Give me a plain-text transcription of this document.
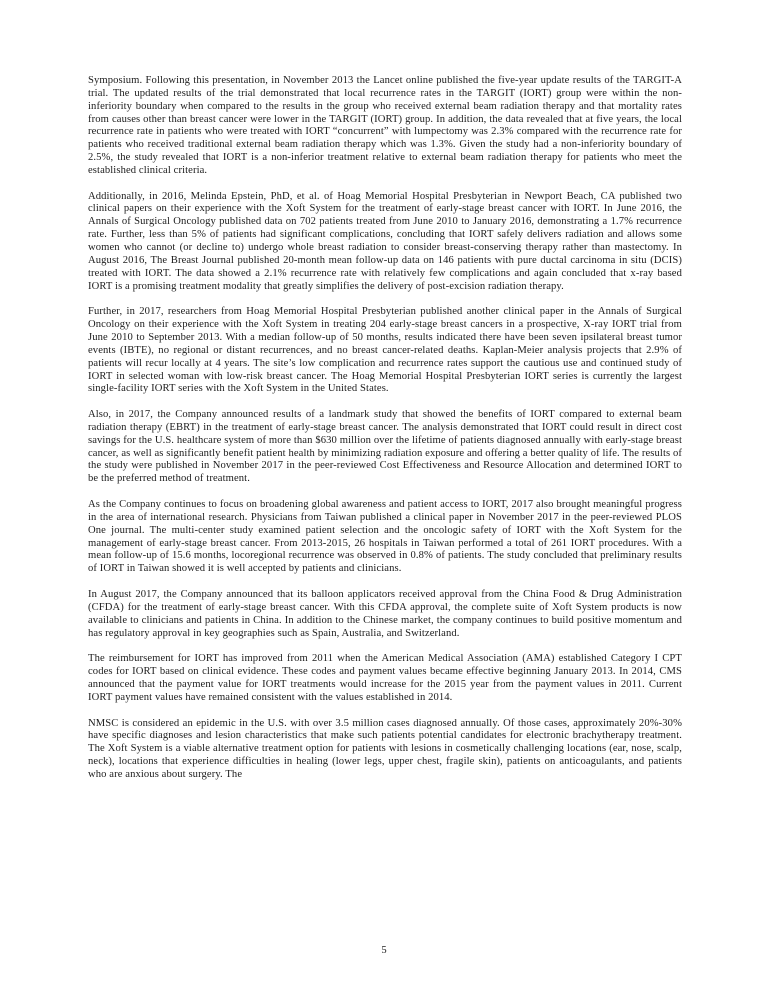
Symposium. Following this presentation, in November 2013 the Lancet online published the five-year update results of the TARGIT-A trial. The updated results of the trial demonstrated that local recurrence rates in the TARGIT (IORT) group were within the non-inferiority boundary when compared to the results in the group who received external beam radiation therapy and that mortality rates from causes other than breast cancer were lower in the TARGIT (IORT) group. In addition, the data revealed that at five years, the local recurrence rate in patients who were treated with IORT “concurrent” with lumpectomy was 2.3% compared with the recurrence rate for patients who received traditional external beam radiation therapy which was 1.3%. Given the study had a non-inferiority boundary of 2.5%, the study revealed that IORT is a non-inferior treatment relative to external beam radiation therapy for patients who meet the established clinical criteria.

Additionally, in 2016, Melinda Epstein, PhD, et al. of Hoag Memorial Hospital Presbyterian in Newport Beach, CA published two clinical papers on their experience with the Xoft System for the treatment of early-stage breast cancer with IORT. In June 2016, the Annals of Surgical Oncology published data on 702 patients treated from June 2010 to January 2016, demonstrating a 1.7% recurrence rate. Further, less than 5% of patients had significant complications, concluding that IORT safely delivers radiation and allows some women who cannot (or decline to) undergo whole breast radiation to consider breast-conserving therapy rather than mastectomy. In August 2016, The Breast Journal published 20-month mean follow-up data on 146 patients with pure ductal carcinoma in situ (DCIS) treated with IORT. The data showed a 2.1% recurrence rate with relatively few complications and again concluded that x-ray based IORT is a promising treatment modality that greatly simplifies the delivery of post-excision radiation therapy.

Further, in 2017, researchers from Hoag Memorial Hospital Presbyterian published another clinical paper in the Annals of Surgical Oncology on their experience with the Xoft System in treating 204 early-stage breast cancers in a prospective, X-ray IORT trial from June 2010 to September 2013. With a median follow-up of 50 months, results indicated there have been seven ipsilateral breast tumor events (IBTE), no regional or distant recurrences, and no breast cancer-related deaths. Kaplan-Meier analysis projects that 2.9% of patients will recur locally at 4 years. The site’s low complication and recurrence rates support the cautious use and continued study of IORT in selected woman with low-risk breast cancer. The Hoag Memorial Hospital Presbyterian IORT series is currently the largest single-facility IORT series with the Xoft System in the United States.

Also, in 2017, the Company announced results of a landmark study that showed the benefits of IORT compared to external beam radiation therapy (EBRT) in the treatment of early-stage breast cancer. The analysis demonstrated that IORT could result in direct cost savings for the U.S. healthcare system of more than $630 million over the lifetime of patients diagnosed annually with early-stage breast cancer, as well as significantly benefit patient health by minimizing radiation exposure and offering a better quality of life. The results of the study were published in November 2017 in the peer-reviewed Cost Effectiveness and Resource Allocation and determined IORT to be the preferred method of treatment.

As the Company continues to focus on broadening global awareness and patient access to IORT, 2017 also brought meaningful progress in the area of international research. Physicians from Taiwan published a clinical paper in November 2017 in the peer-reviewed PLOS One journal. The multi-center study examined patient selection and the oncologic safety of IORT with the Xoft System for the management of early-stage breast cancer. From 2013-2015, 26 hospitals in Taiwan performed a total of 261 IORT procedures. With a mean follow-up of 15.6 months, locoregional recurrence was observed in 0.8% of patients. The study concluded that preliminary results of IORT in Taiwan showed it is well accepted by patients and clinicians.

In August 2017, the Company announced that its balloon applicators received approval from the China Food & Drug Administration (CFDA) for the treatment of early-stage breast cancer. With this CFDA approval, the complete suite of Xoft System products is now available to clinicians and patients in China. In addition to the Chinese market, the company continues to build positive momentum and has regulatory approval in key geographies such as Spain, Australia, and Switzerland.

The reimbursement for IORT has improved from 2011 when the American Medical Association (AMA) established Category I CPT codes for IORT based on clinical evidence. These codes and payment values became effective beginning January 2013. In 2014, CMS announced that the payment value for IORT treatments would increase for the 2015 year from the payment values in 2011. Current IORT payment values have remained consistent with the values established in 2014.

NMSC is considered an epidemic in the U.S. with over 3.5 million cases diagnosed annually. Of those cases, approximately 20%-30% have specific diagnoses and lesion characteristics that make such patients potential candidates for electronic brachytherapy treatment. The Xoft System is a viable alternative treatment option for patients with lesions in cosmetically challenging locations (ear, nose, scalp, neck), locations that experience difficulties in healing (lower legs, upper chest, fragile skin), patients on anticoagulants, and patients who are anxious about surgery. The

5
